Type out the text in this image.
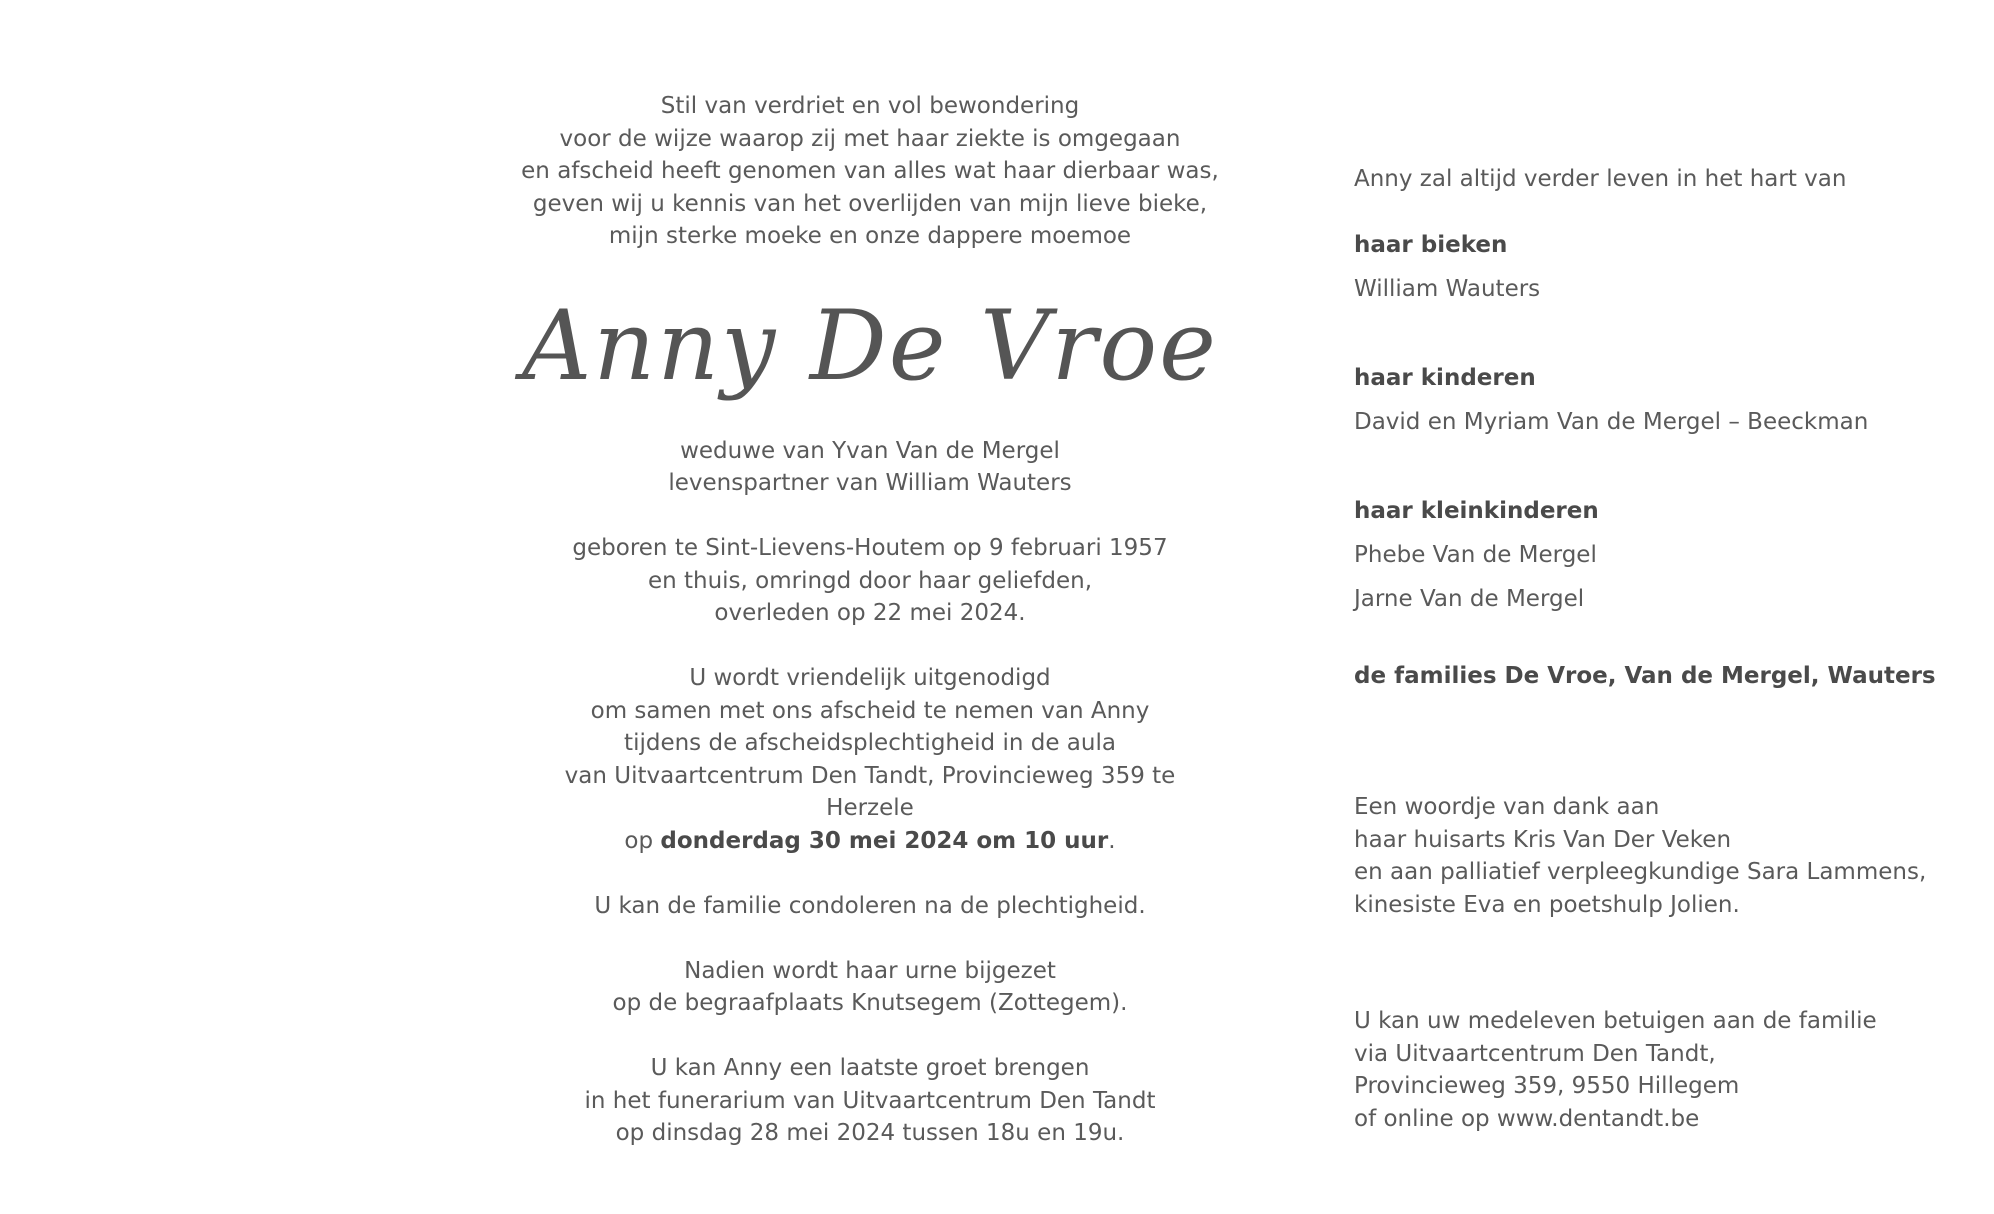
Stil van verdriet en vol bewondering

voor de wijze waarop zij met haar ziekte is omgegaan

en afscheid heeft genomen van alles wat haar dierbaar was,

geven wij u kennis van het overlijden van mijn lieve bieke,

mijn sterke moeke en onze dappere moemoe

Anny De Vroe

weduwe van Yvan Van de Mergel

levenspartner van William Wauters

geboren te Sint-Lievens-Houtem op 9 februari 1957

en thuis, omringd door haar geliefden,

overleden op 22 mei 2024.

U wordt vriendelijk uitgenodigd

om samen met ons afscheid te nemen van Anny

tijdens de afscheidsplechtigheid in de aula

van Uitvaartcentrum Den Tandt, Provincieweg 359 te Herzele

op donderdag 30 mei 2024 om 10 uur.

U kan de familie condoleren na de plechtigheid.

Nadien wordt haar urne bijgezet

op de begraafplaats Knutsegem (Zottegem).

U kan Anny een laatste groet brengen

in het funerarium van Uitvaartcentrum Den Tandt

op dinsdag 28 mei 2024 tussen 18u en 19u.

Anny zal altijd verder leven in het hart van
haar bieken
William Wauters
haar kinderen
David en Myriam Van de Mergel – Beeckman
haar kleinkinderen
Phebe Van de Mergel
Jarne Van de Mergel
de families De Vroe, Van de Mergel, Wauters
Een woordje van dank aan
haar huisarts Kris Van Der Veken
en aan palliatief verpleegkundige Sara Lammens,
kinesiste Eva en poetshulp Jolien.
U kan uw medeleven betuigen aan de familie
via Uitvaartcentrum Den Tandt,
Provincieweg 359, 9550 Hillegem
of online op www.dentandt.be
